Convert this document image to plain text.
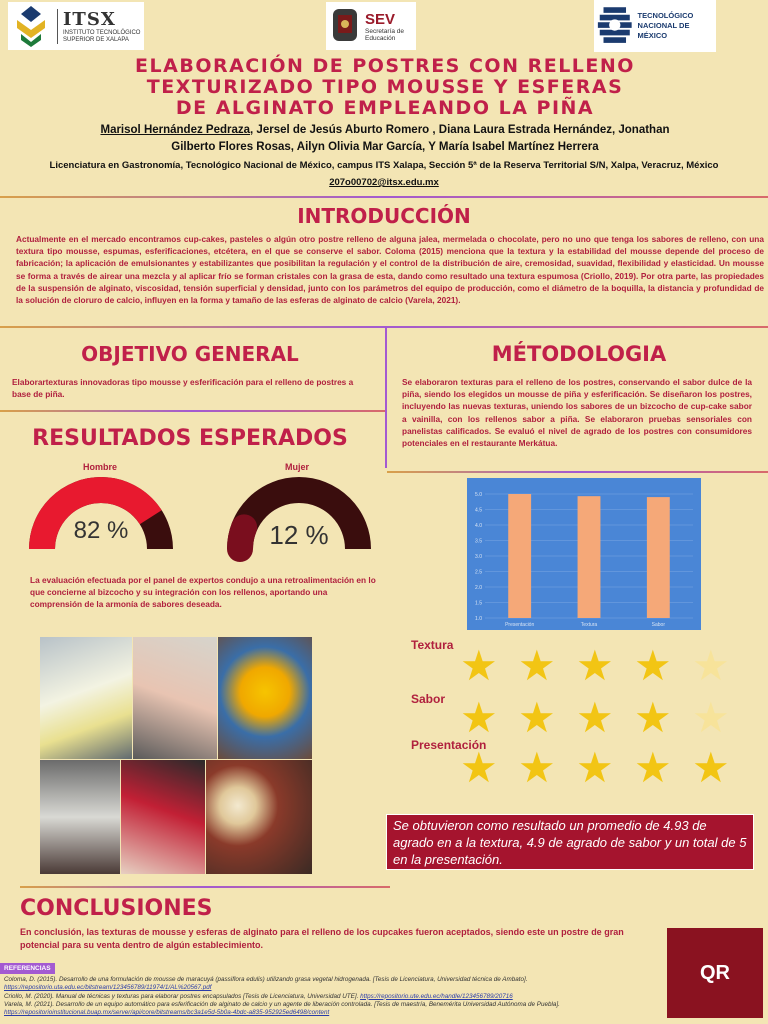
ITSX
INSTITUTO TECNOLÓGICO SUPERIOR DE XALAPA
SEV
Secretaría de Educación
TECNOLÓGICO
NACIONAL DE MÉXICO
ELABORACIÓN DE POSTRES CON RELLENO
TEXTURIZADO TIPO MOUSSE Y ESFERAS
DE ALGINATO EMPLEANDO LA PIÑA
Marisol Hernández Pedraza, Jersel de Jesús Aburto Romero , Diana Laura Estrada Hernández, Jonathan
Gilberto Flores Rosas, Ailyn Olivia Mar García, Y María Isabel Martínez Herrera
Licenciatura en Gastronomía, Tecnológico Nacional de México, campus ITS Xalapa, Sección 5ª de la Reserva Territorial S/N, Xalpa, Veracruz, México
207o00702@itsx.edu.mx
INTRODUCCIÓN
Actualmente en el mercado encontramos cup-cakes, pasteles o algún otro postre relleno de alguna jalea, mermelada o chocolate, pero no uno que tenga los sabores de relleno, con una textura tipo mousse, espumas, esferificaciones, etcétera, en el que se conserve el sabor. Coloma (2015) menciona que la textura y la estabilidad del mousse depende del proceso de fabricación; la aplicación de emulsionantes y estabilizantes que posibilitan la regulación y el control de la distribución de aire, cremosidad, suavidad, flexibilidad y elasticidad. Un mousse se forma a través de airear una mezcla y al aplicar frío se forman cristales con la grasa de esta, dando como resultado una textura espumosa (Criollo, 2019). Por otra parte, las propiedades de la suspensión de alginato, viscosidad, tensión superficial y densidad, junto con los parámetros del equipo de producción, como el diámetro de la boquilla, la distancia y profundidad de la solución de cloruro de calcio, influyen en la forma y tamaño de las esferas de alginato de calcio (Varela, 2021).
OBJETIVO GENERAL
Elaborartexturas innovadoras tipo mousse y esferificación para el relleno de postres a base de piña.
MÉTODOLOGIA
Se elaboraron texturas para el relleno de los postres, conservando el sabor dulce de la piña, siendo los elegidos un mousse de piña y esferificación. Se diseñaron los postres, incluyendo las nuevas texturas, uniendo los sabores de un bizcocho de cup-cake sabor a vainilla, con los rellenos sabor a piña. Se elaboraron pruebas sensoriales con panelistas calificados. Se evaluó el nivel de agrado de los postres con consumidores potenciales en el restaurante Merkátua.
RESULTADOS ESPERADOS
Hombre	Mujer
82 %	12 %
La evaluación efectuada por el panel de expertos condujo a una retroalimentación en lo que concierne al bizcocho y su integración con los rellenos, aportando una comprensión de la armonía de sabores deseada.
1.0
1.5
2.0
2.5
3.0
3.5
4.0
4.5
5.0
Presentación	Textura	Sabor
Textura
Sabor
Presentación
★ ★ ★ ★ ★
★ ★ ★ ★ ★
★ ★ ★ ★ ★
Se obtuvieron como resultado un promedio de 4.93 de agrado en a la textura, 4.9 de agrado de sabor y un total de 5 en la presentación.
CONCLUSIONES
En conclusión, las texturas de mousse y esferas de alginato para el relleno de los cupcakes fueron aceptados, siendo este un postre de gran potencial para su venta dentro de algún establecimiento.
QR
REFERENCIAS
Coloma, D. (2015). Desarrollo de una formulación de mousse de maracuyá (passiflora edulis) utilizando grasa vegetal hidrogenada. [Tesis de Licenciatura, Universidad técnica de Ambato]. https://repositorio.uta.edu.ec/bitstream/123456789/11974/1/AL%20567.pdf
Criollo, M. (2020). Manual de técnicas y texturas para elaborar postres encapsulados [Tesis de Licenciatura, Universidad UTE]. https://repositorio.ute.edu.ec/handle/123456789/20716
Varela, M. (2021). Desarrollo de un equipo automático para esferificación de alginato de calcio y un agente de liberación controlada. [Tesis de maestría, Benemérita Universidad Autónoma de Puebla]. https://repositorioinstitucional.buap.mx/server/api/core/bitstreams/bc3a1e5d-5b0a-4bdc-a835-952925ed6498/content
